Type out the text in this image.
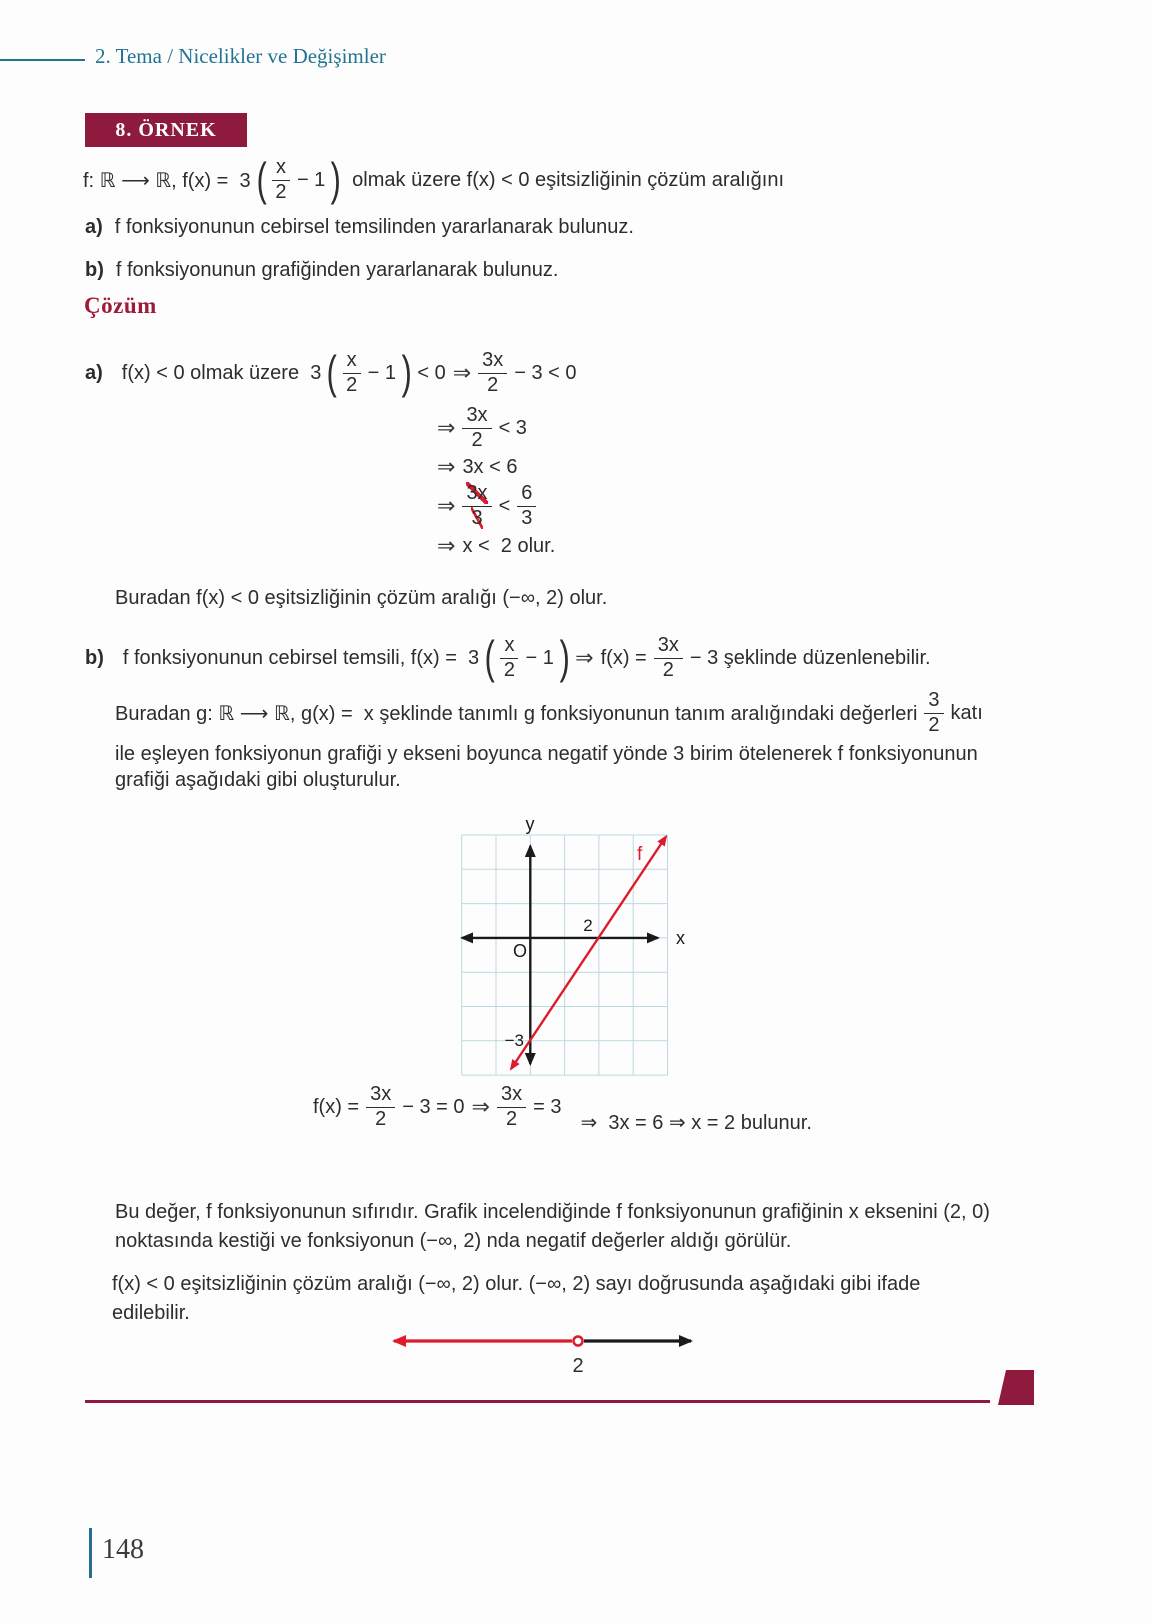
2. Tema / Nicelikler ve Değişimler
8. ÖRNEK
f: ℝ ⟶ ℝ, f(x) =  3 ( $\frac{x}{2} - 1$ ) olmak üzere f(x) < 0 eşitsizliğinin çözüm aralığını
a) f fonksiyonunun cebirsel temsilinden yararlanarak bulunuz.
b) f fonksiyonunun grafiğinden yararlanarak bulunuz.
Çözüm
a) f(x) < 0 olmak üzere  3 ( $\frac{x}{2} - 1$ ) < 0 ⇒ $\frac{3x}{2} - 3 < 0$
⇒ $\frac{3x}{2} < 3$
⇒ 3x < 6
⇒ $\frac{3x}{3} < \frac{6}{3}$
⇒ x <  2 olur.
Buradan f(x) < 0 eşitsizliğinin çözüm aralığı (−∞, 2) olur.
b) f fonksiyonunun cebirsel temsili, f(x) =  3 ( $\frac{x}{2} - 1$ ) ⇒ $f(x) = \frac{3x}{2} - 3$ şeklinde düzenlenebilir.
Buradan g: ℝ ⟶ ℝ, g(x) =  x şeklinde tanımlı g fonksiyonunun tanım aralığındaki değerleri $\frac{3}{2}$ katı
ile eşleyen fonksiyonun grafiği y ekseni boyunca negatif yönde 3 birim ötelenerek f fonksiyonunun
grafiği aşağıdaki gibi oluşturulur.
y
x
O
2
−3
f
$f(x) = \frac{3x}{2} - 3 = 0$ ⇒ $\frac{3x}{2} = 3$
⇒  3x = 6 ⇒ x = 2 bulunur.
Bu değer, f fonksiyonunun sıfırıdır. Grafik incelendiğinde f fonksiyonunun grafiğinin x eksenini (2, 0)
noktasında kestiği ve fonksiyonun (−∞, 2) nda negatif değerler aldığı görülür.
f(x) < 0 eşitsizliğinin çözüm aralığı (−∞, 2) olur. (−∞, 2) sayı doğrusunda aşağıdaki gibi ifade
edilebilir.
2
148
